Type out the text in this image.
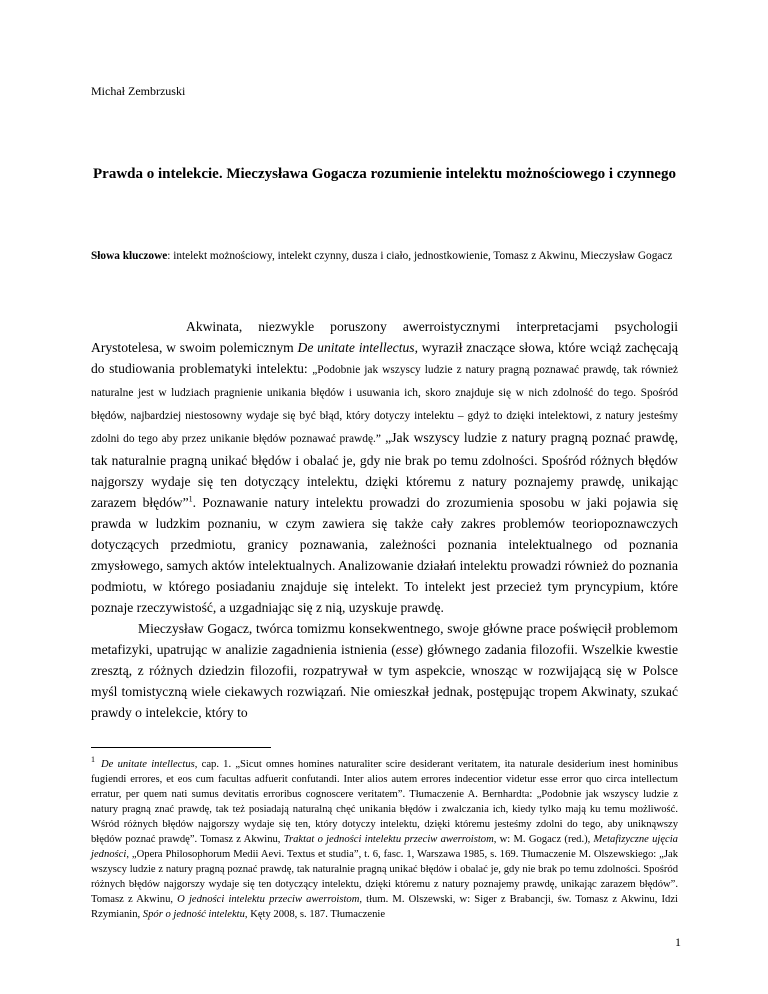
Michał Zembrzuski
Prawda o intelekcie. Mieczysława Gogacza rozumienie intelektu możnościowego i czynnego
Słowa kluczowe: intelekt możnościowy, intelekt czynny, dusza i ciało, jednostkowienie, Tomasz z Akwinu, Mieczysław Gogacz

Akwinata, niezwykle poruszony awerroistycznymi interpretacjami psychologii Arystotelesa, w swoim polemicznym De unitate intellectus, wyraził znaczące słowa, które wciąż zachęcają do studiowania problematyki intelektu: „Podobnie jak wszyscy ludzie z natury pragną poznawać prawdę, tak również naturalne jest w ludziach pragnienie unikania błędów i usuwania ich, skoro znajduje się w nich zdolność do tego. Spośród błędów, najbardziej niestosowny wydaje się być błąd, który dotyczy intelektu – gdyż to dzięki intelektowi, z natury jesteśmy zdolni do tego aby przez unikanie błędów poznawać prawdę.” „Jak wszyscy ludzie z natury pragną poznać prawdę, tak naturalnie pragną unikać błędów i obalać je, gdy nie brak po temu zdolności. Spośród różnych błędów najgorszy wydaje się ten dotyczący intelektu, dzięki któremu z natury poznajemy prawdę, unikając zarazem błędów”$^1$. Poznawanie natury intelektu prowadzi do zrozumienia sposobu w jaki pojawia się prawda w ludzkim poznaniu, w czym zawiera się także cały zakres problemów teoriopoznawczych dotyczących przedmiotu, granicy poznawania, zależności poznania intelektualnego od poznania zmysłowego, samych aktów intelektualnych. Analizowanie działań intelektu prowadzi również do poznania podmiotu, w którego posiadaniu znajduje się intelekt. To intelekt jest przecież tym pryncypium, które poznaje rzeczywistość, a uzgadniając się z nią, uzyskuje prawdę.

Mieczysław Gogacz, twórca tomizmu konsekwentnego, swoje główne prace poświęcił problemom metafizyki, upatrując w analizie zagadnienia istnienia (esse) głównego zadania filozofii. Wszelkie kwestie zresztą, z różnych dziedzin filozofii, rozpatrywał w tym aspekcie, wnosząc w rozwijającą się w Polsce myśl tomistyczną wiele ciekawych rozwiązań. Nie omieszkał jednak, postępując tropem Akwinaty, szukać prawdy o intelekcie, który to

$^1$ De unitate intellectus, cap. 1. „Sicut omnes homines naturaliter scire desiderant veritatem, ita naturale desiderium inest hominibus fugiendi errores, et eos cum facultas adfuerit confutandi. Inter alios autem errores indecentior videtur esse error quo circa intellectum erratur, per quem nati sumus devitatis erroribus cognoscere veritatem”. Tłumaczenie A. Bernhardta: „Podobnie jak wszyscy ludzie z natury pragną znać prawdę, tak też posiadają naturalną chęć unikania błędów i zwalczania ich, kiedy tylko mają ku temu możliwość. Wśród różnych błędów najgorszy wydaje się ten, który dotyczy intelektu, dzięki któremu jesteśmy zdolni do tego, aby uniknąwszy błędów poznać prawdę”. Tomasz z Akwinu, Traktat o jedności intelektu przeciw awerroistom, w: M. Gogacz (red.), Metafizyczne ujęcia jedności, „Opera Philosophorum Medii Aevi. Textus et studia”, t. 6, fasc. 1, Warszawa 1985, s. 169. Tłumaczenie M. Olszewskiego: „Jak wszyscy ludzie z natury pragną poznać prawdę, tak naturalnie pragną unikać błędów i obalać je, gdy nie brak po temu zdolności. Spośród różnych błędów najgorszy wydaje się ten dotyczący intelektu, dzięki któremu z natury poznajemy prawdę, unikając zarazem błędów”. Tomasz z Akwinu, O jedności intelektu przeciw awerroistom, tłum. M. Olszewski, w: Siger z Brabancji, św. Tomasz z Akwinu, Idzi Rzymianin, Spór o jedność intelektu, Kęty 2008, s. 187. Tłumaczenie
1
